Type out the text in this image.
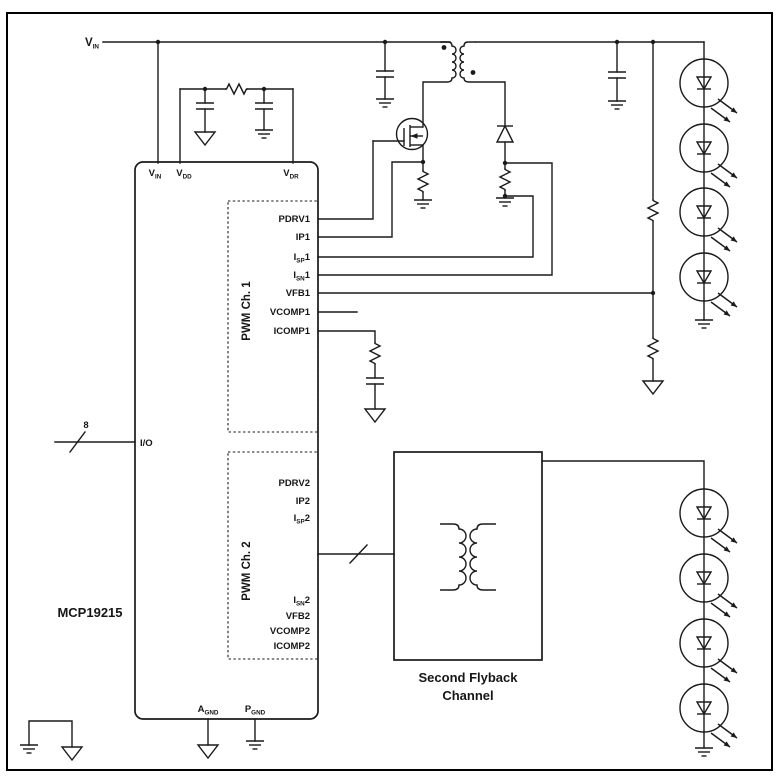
$V_{IN}$
PWM Ch. 1
PWM Ch. 2
MCP19215
$V_{IN}$ $V_{DD}$	$V_{DR}$
$A_{GND}$	$P_{GND}$
PDRV1
IP1
$I_{SP}1$
$I_{SN}1$
VFB1
VCOMP1
ICOMP1
PDRV2
IP2
$I_{SP}2$
$I_{SN}2$
VFB2
VCOMP2
ICOMP2
8
I/O
Second Flyback
Channel
